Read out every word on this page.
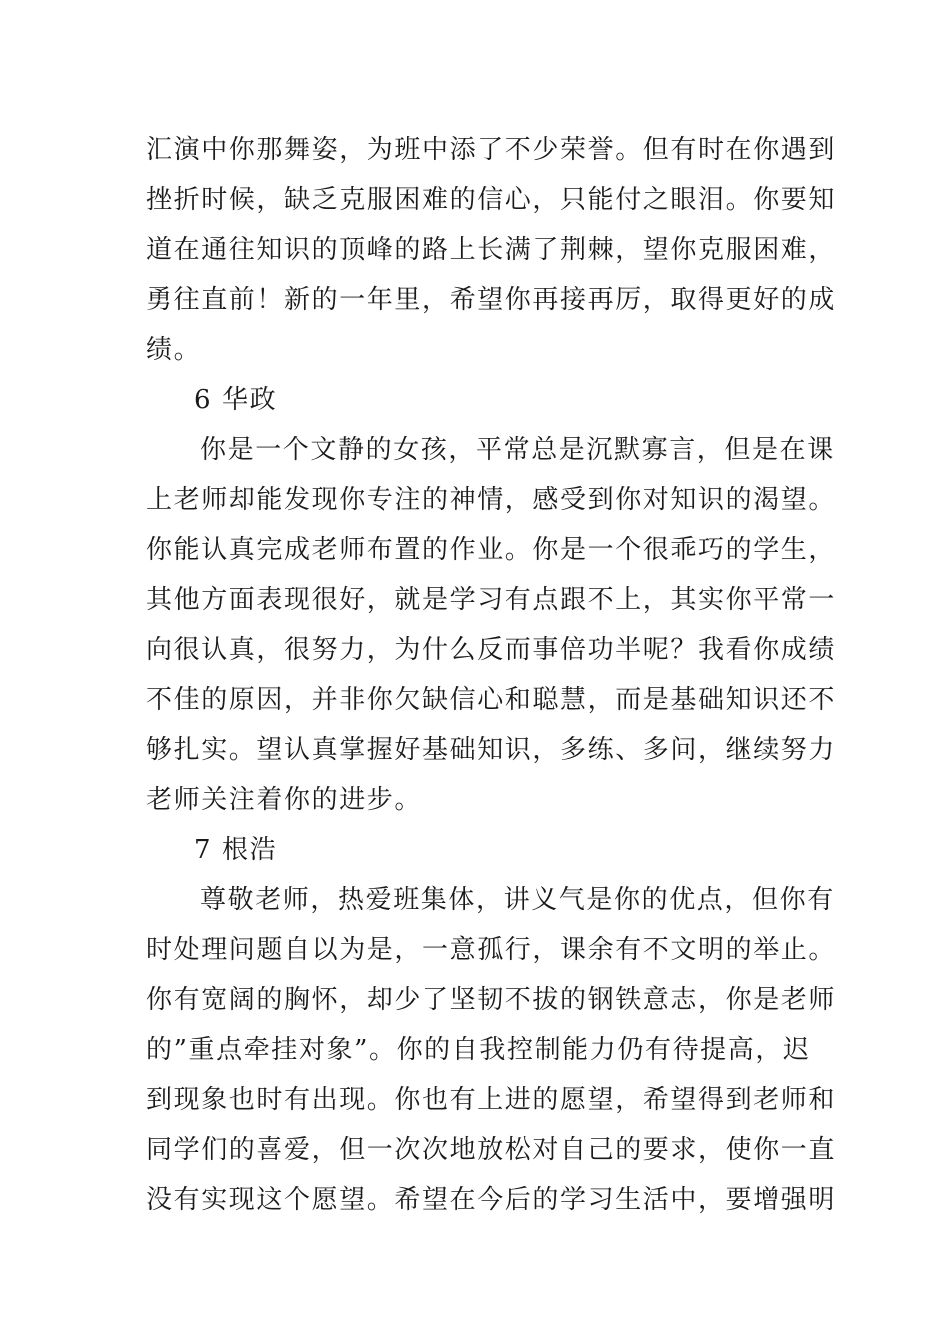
汇演中你那舞姿，为班中添了不少荣誉。但有时在你遇到
挫折时候，缺乏克服困难的信心，只能付之眼泪。你要知
道在通往知识的顶峰的路上长满了荆棘，望你克服困难，
勇往直前！新的一年里，希望你再接再厉，取得更好的成
绩。
6 华政
你是一个文静的女孩，平常总是沉默寡言，但是在课
上老师却能发现你专注的神情，感受到你对知识的渴望。
你能认真完成老师布置的作业。你是一个很乖巧的学生，
其他方面表现很好，就是学习有点跟不上，其实你平常一
向很认真，很努力，为什么反而事倍功半呢？我看你成绩
不佳的原因，并非你欠缺信心和聪慧，而是基础知识还不
够扎实。望认真掌握好基础知识，多练、多问，继续努力
老师关注着你的进步。
7 根浩
尊敬老师，热爱班集体，讲义气是你的优点，但你有
时处理问题自以为是，一意孤行，课余有不文明的举止。
你有宽阔的胸怀，却少了坚韧不拔的钢铁意志，你是老师
的”重点牵挂对象”。你的自我控制能力仍有待提高，迟
到现象也时有出现。你也有上进的愿望，希望得到老师和
同学们的喜爱，但一次次地放松对自己的要求，使你一直
没有实现这个愿望。希望在今后的学习生活中，要增强明
